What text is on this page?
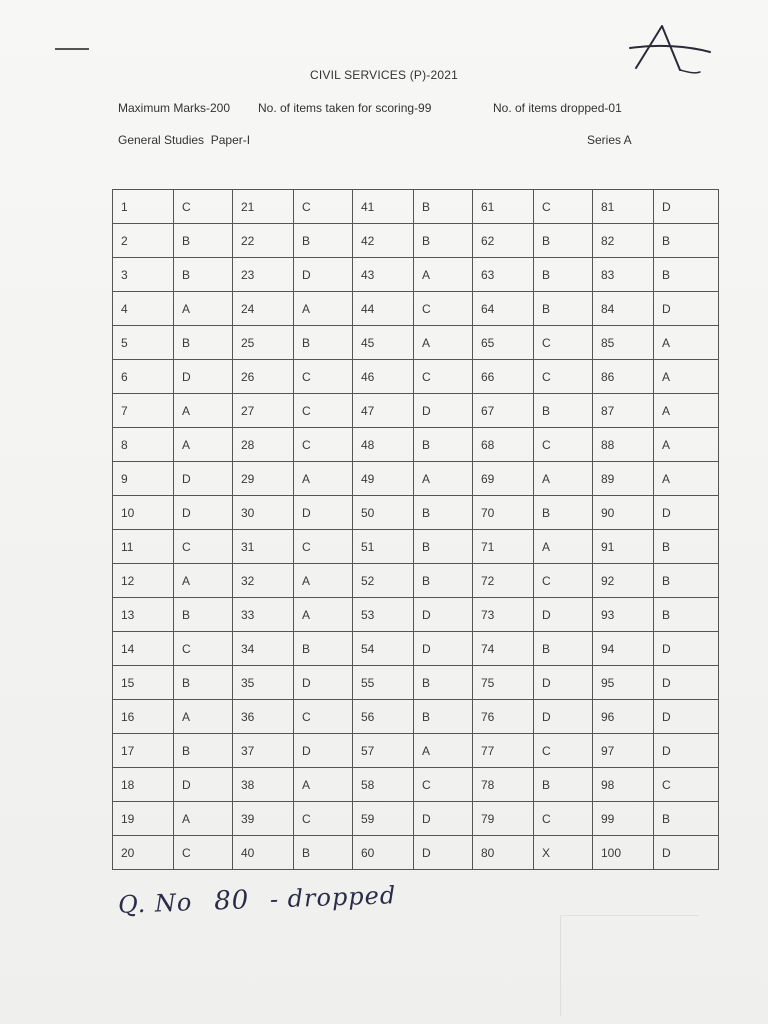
CIVIL SERVICES (P)-2021
Maximum Marks-200 No. of items taken for scoring-99	No. of items dropped-01
General Studies  Paper-I	Series A
1	C	21	C	41	B	61	C	81	D
2	B	22	B	42	B	62	B	82	B
3	B	23	D	43	A	63	B	83	B
4	A	24	A	44	C	64	B	84	D
5	B	25	B	45	A	65	C	85	A
6	D	26	C	46	C	66	C	86	A
7	A	27	C	47	D	67	B	87	A
8	A	28	C	48	B	68	C	88	A
9	D	29	A	49	A	69	A	89	A
10	D	30	D	50	B	70	B	90	D
11	C	31	C	51	B	71	A	91	B
12	A	32	A	52	B	72	C	92	B
13	B	33	A	53	D	73	D	93	B
14	C	34	B	54	D	74	B	94	D
15	B	35	D	55	B	75	D	95	D
16	A	36	C	56	B	76	D	96	D
17	B	37	D	57	A	77	C	97	D
18	D	38	A	58	C	78	B	98	C
19	A	39	C	59	D	79	C	99	B
20	C	40	B	60	D	80	X	100	D
Q. No 80 - dropped
